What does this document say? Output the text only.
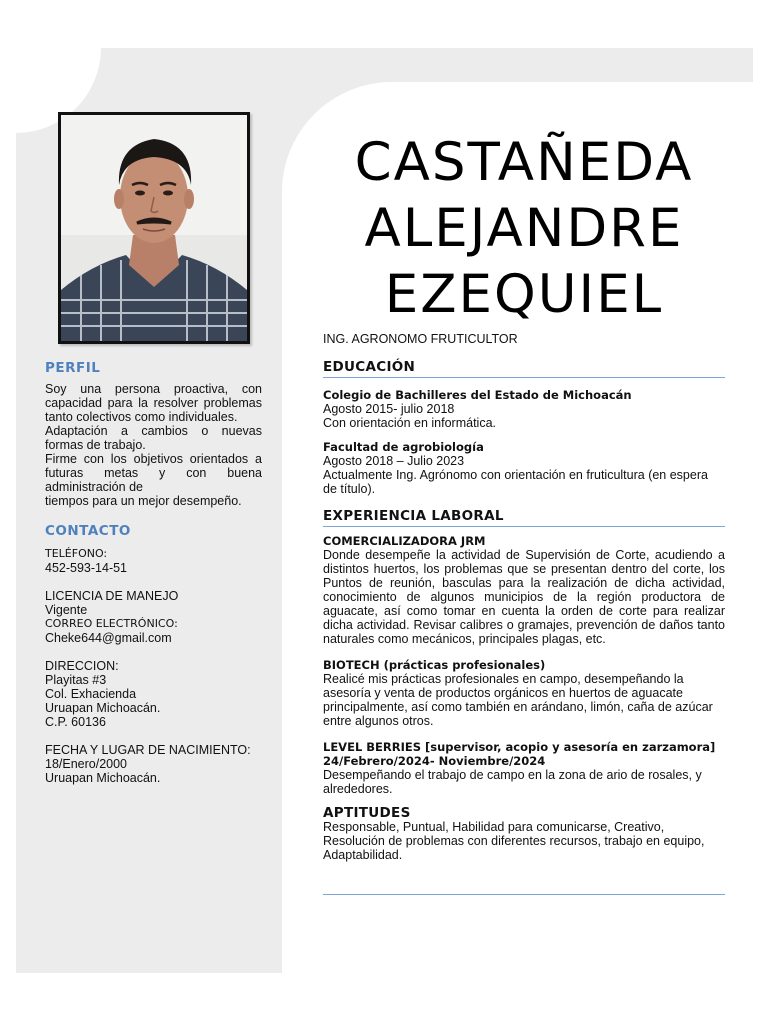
PERFIL
Soy una persona proactiva, con capacidad para la resolver problemas tanto colectivos como individuales.
Adaptación a cambios o nuevas formas de trabajo.
Firme con los objetivos orientados a futuras metas y con buena administración de
tiempos para un mejor desempeño.
CONTACTO
TELÉFONO:
452-593-14-51
LICENCIA DE MANEJO
Vigente
CORREO ELECTRÓNICO:
Cheke644@gmail.com
DIRECCION:
Playitas #3
Col. Exhacienda
Uruapan Michoacán.
C.P. 60136
FECHA Y LUGAR DE NACIMIENTO:
18/Enero/2000
Uruapan Michoacán.
CASTAÑEDA
ALEJANDRE
EZEQUIEL
ING. AGRONOMO FRUTICULTOR
EDUCACIÓN
Colegio de Bachilleres del Estado de Michoacán
Agosto 2015- julio 2018
Con orientación en informática.
Facultad de agrobiología
Agosto 2018 – Julio 2023
Actualmente Ing. Agrónomo con orientación en fruticultura (en espera de título).
EXPERIENCIA LABORAL
COMERCIALIZADORA JRM
Donde desempeñe la actividad de Supervisión de Corte, acudiendo a distintos huertos, los problemas que se presentan dentro del corte, los Puntos de reunión, basculas para la realización de dicha actividad, conocimiento de algunos municipios de la región productora de aguacate, así como tomar en cuenta la orden de corte para realizar dicha actividad. Revisar calibres o gramajes, prevención de daños tanto naturales como mecánicos, principales plagas, etc.
BIOTECH (prácticas profesionales)
Realicé mis prácticas profesionales en campo, desempeñando la asesoría y venta de productos orgánicos en huertos de aguacate principalmente, así como también en arándano, limón, caña de azúcar entre algunos otros.
LEVEL BERRIES [supervisor, acopio y asesoría en zarzamora]
24/Febrero/2024- Noviembre/2024
Desempeñando el trabajo de campo en la zona de ario de rosales, y alrededores.
APTITUDES
Responsable, Puntual, Habilidad para comunicarse, Creativo, Resolución de problemas con diferentes recursos, trabajo en equipo, Adaptabilidad.
